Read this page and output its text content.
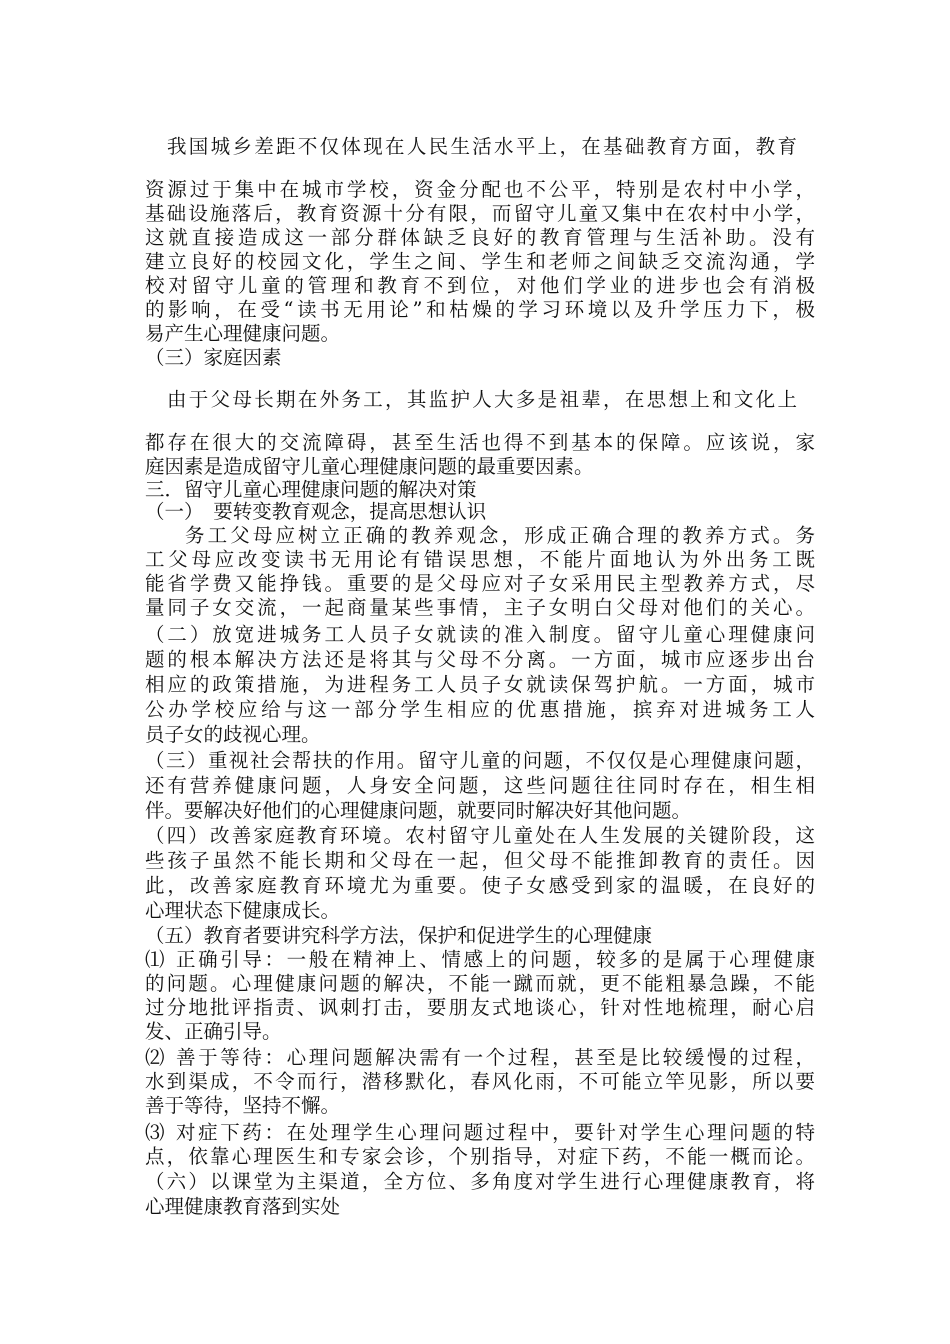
我国城乡差距不仅体现在人民生活水平上，在基础教育方面，教育
资源过于集中在城市学校，资金分配也不公平，特别是农村中小学，
基础设施落后，教育资源十分有限，而留守儿童又集中在农村中小学，
这就直接造成这一部分群体缺乏良好的教育管理与生活补助。没有
建立良好的校园文化，学生之间、学生和老师之间缺乏交流沟通，学
校对留守儿童的管理和教育不到位，对他们学业的进步也会有消极
的影响，在受“读书无用论”和枯燥的学习环境以及升学压力下，极
易产生心理健康问题。
（三）家庭因素
由于父母长期在外务工，其监护人大多是祖辈，在思想上和文化上
都存在很大的交流障碍，甚至生活也得不到基本的保障。应该说，家
庭因素是造成留守儿童心理健康问题的最重要因素。
三．留守儿童心理健康问题的解决对策
（一）　要转变教育观念，提高思想认识
务工父母应树立正确的教养观念，形成正确合理的教养方式。务
工父母应改变读书无用论有错误思想，不能片面地认为外出务工既
能省学费又能挣钱。重要的是父母应对子女采用民主型教养方式，尽
量同子女交流，一起商量某些事情，主子女明白父母对他们的关心。
（二）放宽进城务工人员子女就读的准入制度。留守儿童心理健康问
题的根本解决方法还是将其与父母不分离。一方面，城市应逐步出台
相应的政策措施，为进程务工人员子女就读保驾护航。一方面，城市
公办学校应给与这一部分学生相应的优惠措施，摈弃对进城务工人
员子女的歧视心理。
（三）重视社会帮扶的作用。留守儿童的问题，不仅仅是心理健康问题，
还有营养健康问题，人身安全问题，这些问题往往同时存在，相生相
伴。要解决好他们的心理健康问题，就要同时解决好其他问题。
（四）改善家庭教育环境。农村留守儿童处在人生发展的关键阶段，这
些孩子虽然不能长期和父母在一起，但父母不能推卸教育的责任。因
此，改善家庭教育环境尤为重要。使子女感受到家的温暖，在良好的
心理状态下健康成长。
（五）教育者要讲究科学方法，保护和促进学生的心理健康
⑴ 正确引导：一般在精神上、情感上的问题，较多的是属于心理健康
的问题。心理健康问题的解决，不能一蹴而就，更不能粗暴急躁，不能
过分地批评指责、讽刺打击，要朋友式地谈心，针对性地梳理，耐心启
发、正确引导。
⑵ 善于等待：心理问题解决需有一个过程，甚至是比较缓慢的过程，
水到渠成，不令而行，潜移默化，春风化雨，不可能立竿见影，所以要
善于等待，坚持不懈。
⑶ 对症下药：在处理学生心理问题过程中，要针对学生心理问题的特
点，依靠心理医生和专家会诊，个别指导，对症下药，不能一概而论。
（六）以课堂为主渠道，全方位、多角度对学生进行心理健康教育，将
心理健康教育落到实处
